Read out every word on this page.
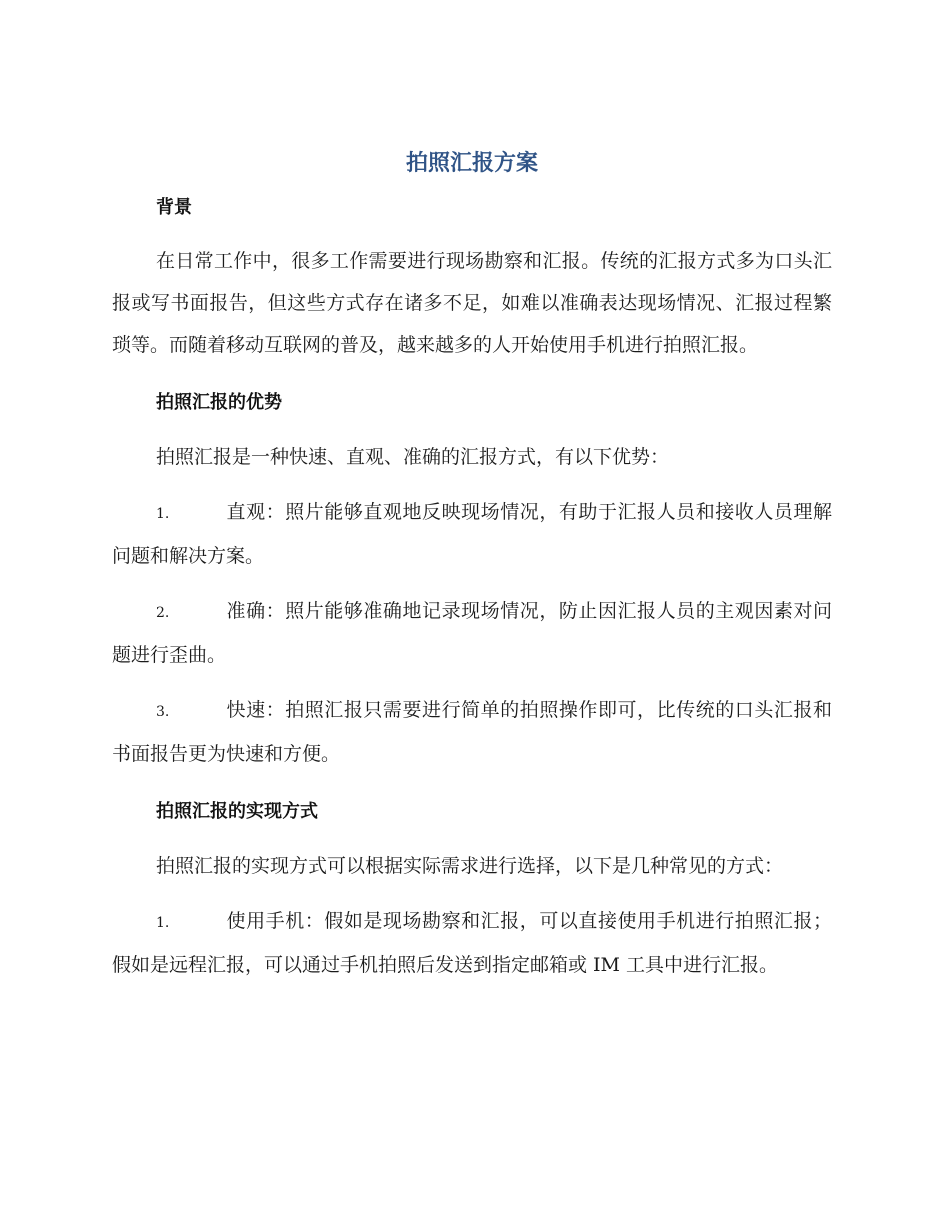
拍照汇报方案
背景

在日常工作中，很多工作需要进行现场勘察和汇报。传统的汇报方式多为口头汇报或写书面报告，但这些方式存在诸多不足，如难以准确表达现场情况、汇报过程繁琐等。而随着移动互联网的普及，越来越多的人开始使用手机进行拍照汇报。

拍照汇报的优势

拍照汇报是一种快速、直观、准确的汇报方式，有以下优势：

1.	直观：照片能够直观地反映现场情况，有助于汇报人员和接收人员理解问题和解决方案。

2.	准确：照片能够准确地记录现场情况，防止因汇报人员的主观因素对问题进行歪曲。

3.	快速：拍照汇报只需要进行简单的拍照操作即可，比传统的口头汇报和书面报告更为快速和方便。

拍照汇报的实现方式

拍照汇报的实现方式可以根据实际需求进行选择，以下是几种常见的方式：

1.	使用手机：假如是现场勘察和汇报，可以直接使用手机进行拍照汇报；假如是远程汇报，可以通过手机拍照后发送到指定邮箱或 IM 工具中进行汇报。
